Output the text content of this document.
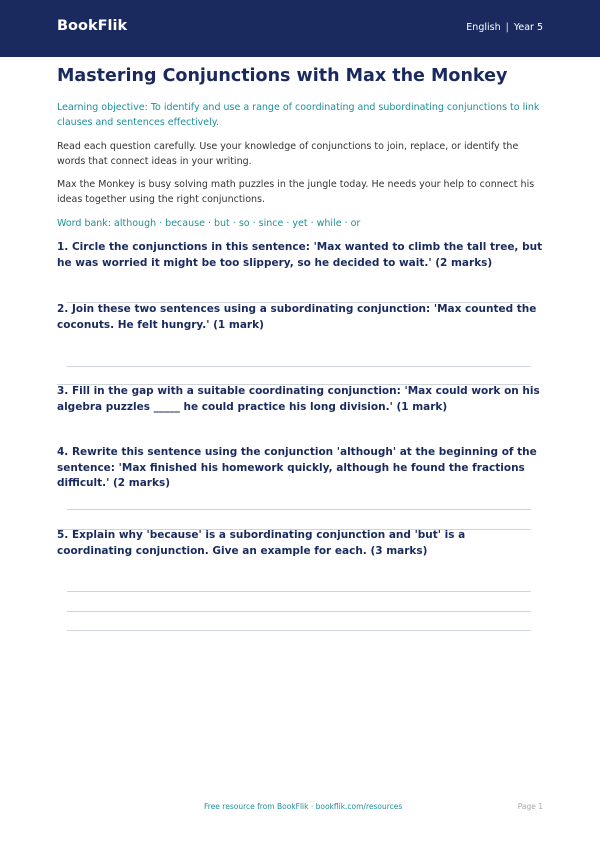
BookFlik	English | Year 5
Mastering Conjunctions with Max the Monkey
Learning objective: To identify and use a range of coordinating and subordinating conjunctions to link clauses and sentences effectively.
Read each question carefully. Use your knowledge of conjunctions to join, replace, or identify the words that connect ideas in your writing.
Max the Monkey is busy solving math puzzles in the jungle today. He needs your help to connect his ideas together using the right conjunctions.
Word bank: although · because · but · so · since · yet · while · or
1. Circle the conjunctions in this sentence: 'Max wanted to climb the tall tree, but he was worried it might be too slippery, so he decided to wait.' (2 marks)
2. Join these two sentences using a subordinating conjunction: 'Max counted the coconuts. He felt hungry.' (1 mark)
3. Fill in the gap with a suitable coordinating conjunction: 'Max could work on his algebra puzzles _____ he could practice his long division.' (1 mark)
4. Rewrite this sentence using the conjunction 'although' at the beginning of the sentence: 'Max finished his homework quickly, although he found the fractions difficult.' (2 marks)
5. Explain why 'because' is a subordinating conjunction and 'but' is a coordinating conjunction. Give an example for each. (3 marks)
Free resource from BookFlik · bookflik.com/resources	Page 1
